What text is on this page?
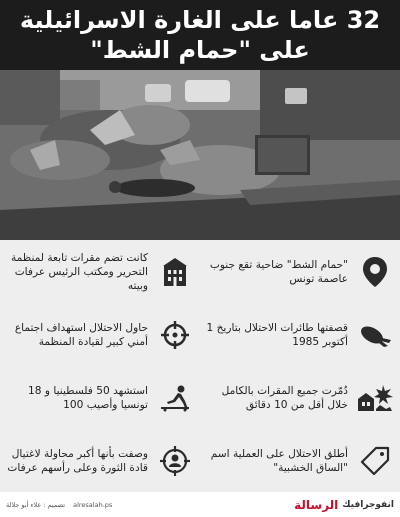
32 عاما على الغارة الاسرائيلية
على "حمام الشط"
"حمام الشط" ضاحية تقع جنوب عاصمة تونس
كانت تضم مقرات تابعة لمنظمة التحرير ومكتب الرئيس عرفات وبيته
قصفتها طائرات الاحتلال بتاريخ 1 أكتوبر 1985
حاول الاحتلال استهداف اجتماع أمني كبير لقيادة المنظمة
دُمّرت جميع المقرات بالكامل خلال أقل من 10 دقائق
استشهد 50 فلسطينيا و 18 تونسيا وأصيب 100
أطلق الاحتلال على العملية اسم "الساق الخشبية"
وصفت بأنها أكبر محاولة لاغتيال قادة الثورة وعلى رأسهم عرفات
تصميم : علاء أبو جلالة alresalah.ps	انفوجرافيك
الرسالة
